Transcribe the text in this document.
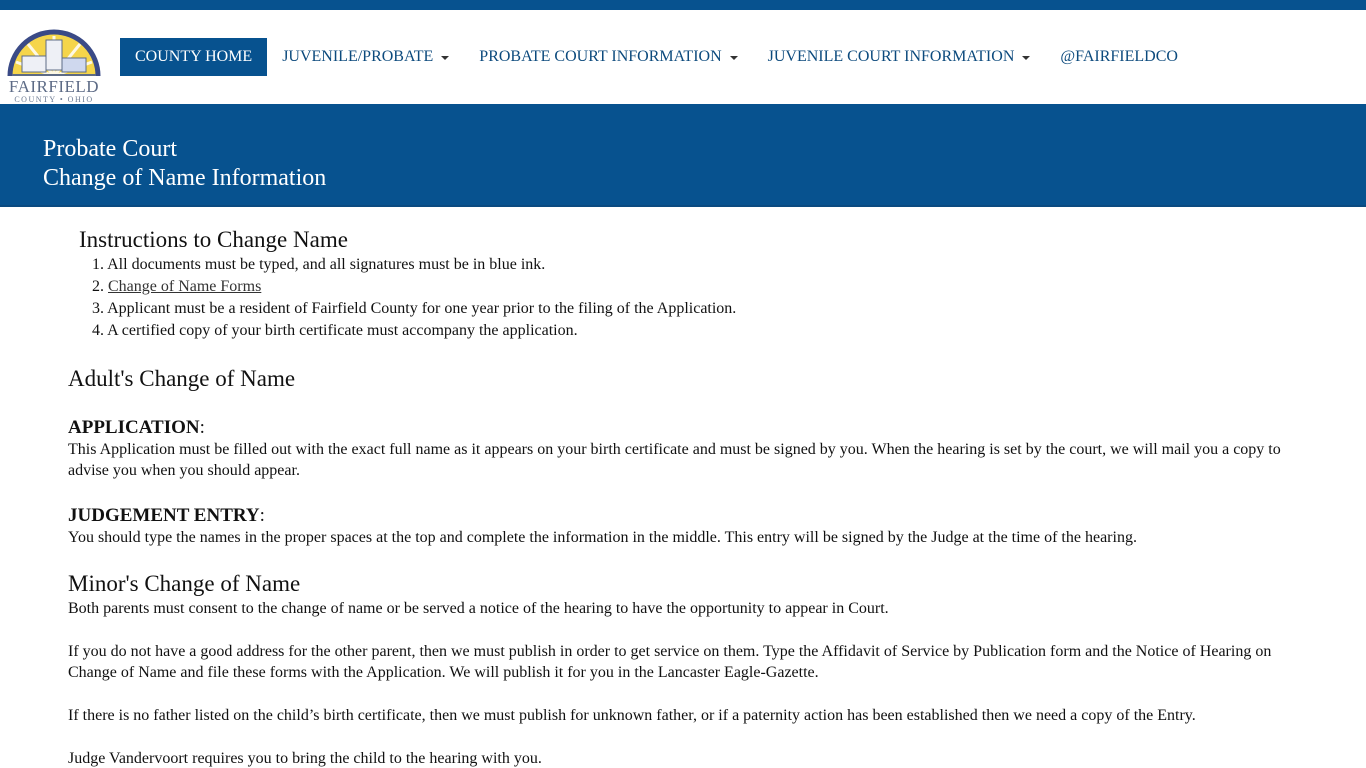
FAIRFIELD
COUNTY • OHIO
COUNTY HOME JUVENILE/PROBATE	PROBATE COURT INFORMATION	JUVENILE COURT INFORMATION	@FAIRFIELDCO
Probate Court
Change of Name Information
Instructions to Change Name
1. All documents must be typed, and all signatures must be in blue ink.
2. Change of Name Forms
3. Applicant must be a resident of Fairfield County for one year prior to the filing of the Application.
4. A certified copy of your birth certificate must accompany the application.
Adult's Change of Name
APPLICATION:

This Application must be filled out with the exact full name as it appears on your birth certificate and must be signed by you. When the hearing is set by the court, we will mail you a copy to advise you when you should appear.

JUDGEMENT ENTRY:

You should type the names in the proper spaces at the top and complete the information in the middle. This entry will be signed by the Judge at the time of the hearing.

Minor's Change of Name

Both parents must consent to the change of name or be served a notice of the hearing to have the opportunity to appear in Court.

If you do not have a good address for the other parent, then we must publish in order to get service on them. Type the Affidavit of Service by Publication form and the Notice of Hearing on Change of Name and file these forms with the Application. We will publish it for you in the Lancaster Eagle-Gazette.

If there is no father listed on the child’s birth certificate, then we must publish for unknown father, or if a paternity action has been established then we need a copy of the Entry.

Judge Vandervoort requires you to bring the child to the hearing with you.
